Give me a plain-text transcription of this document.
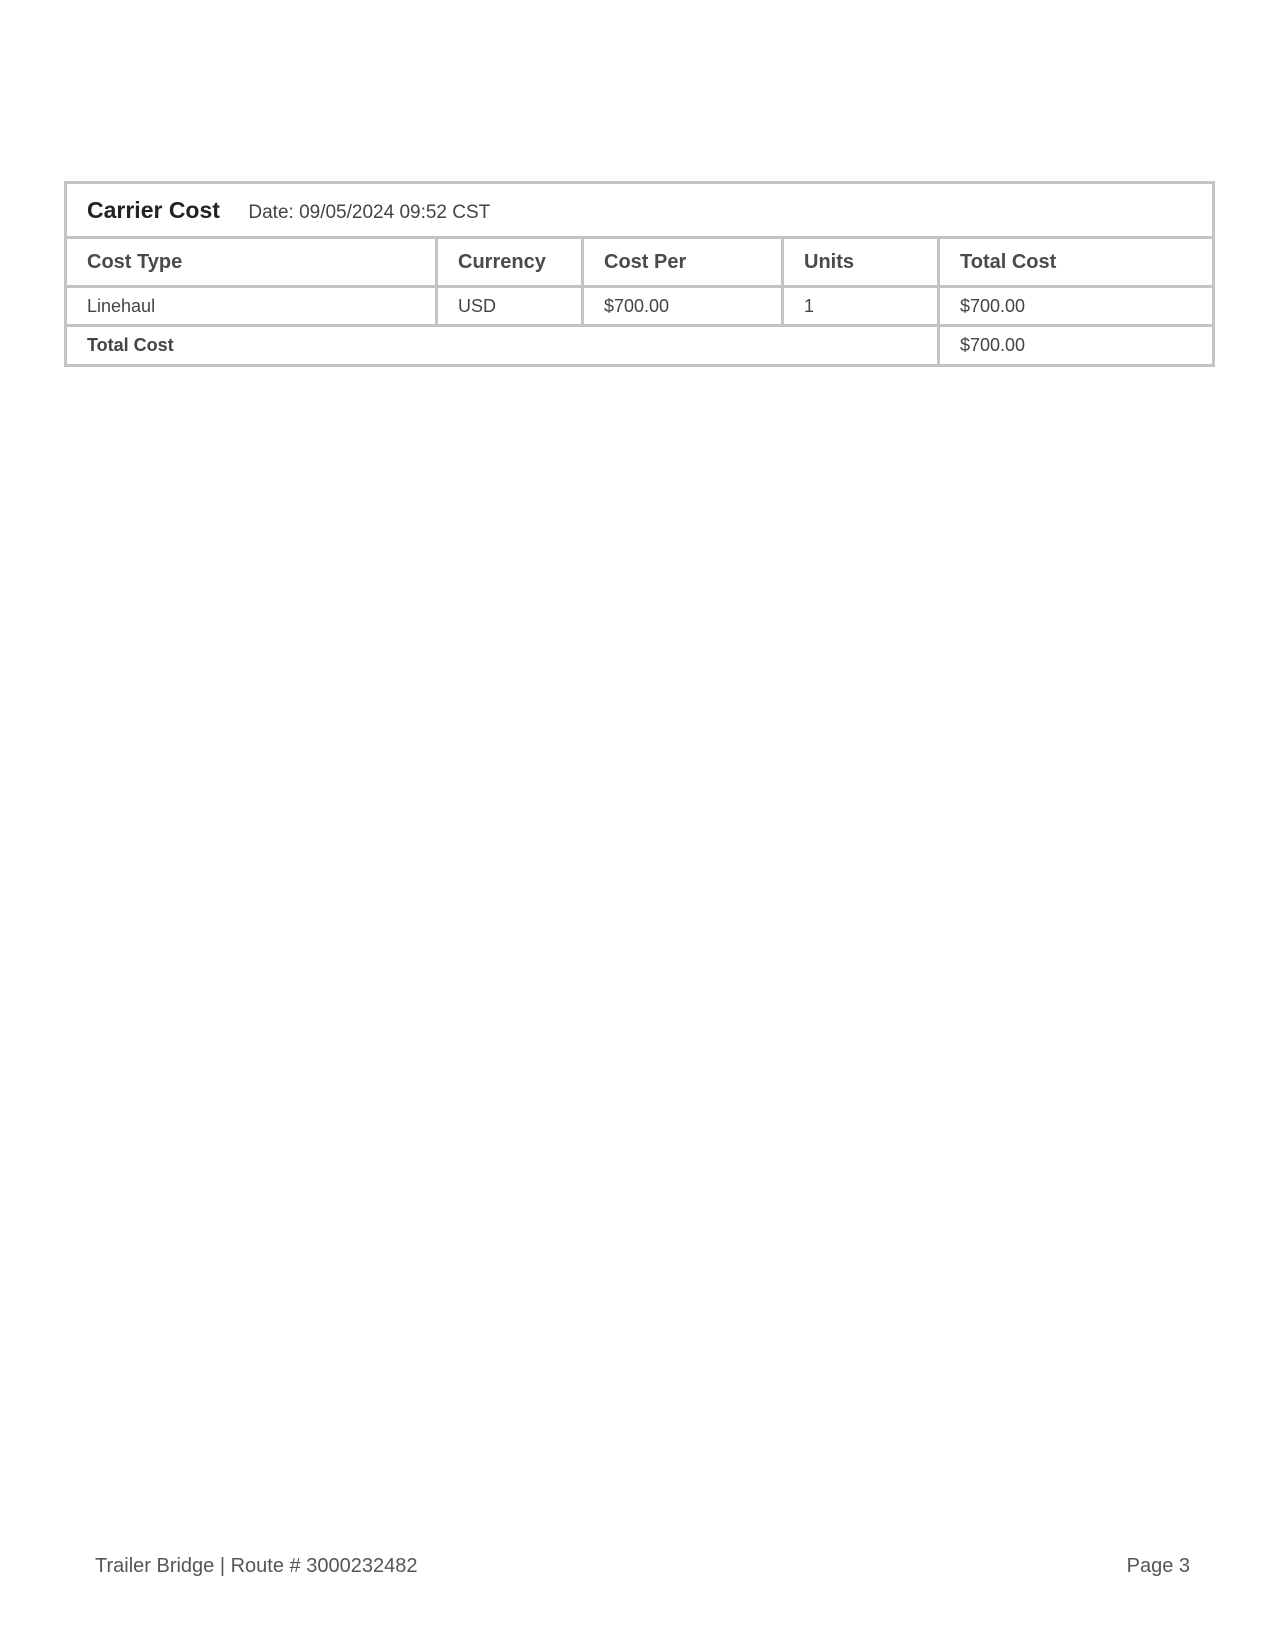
Carrier Cost Date: 09/05/2024 09:52 CST				
Cost Type	Currency	Cost Per	Units	Total Cost
Linehaul	USD	$700.00	1	$700.00
Total Cost				$700.00
Trailer Bridge | Route # 3000232482	Page 3
